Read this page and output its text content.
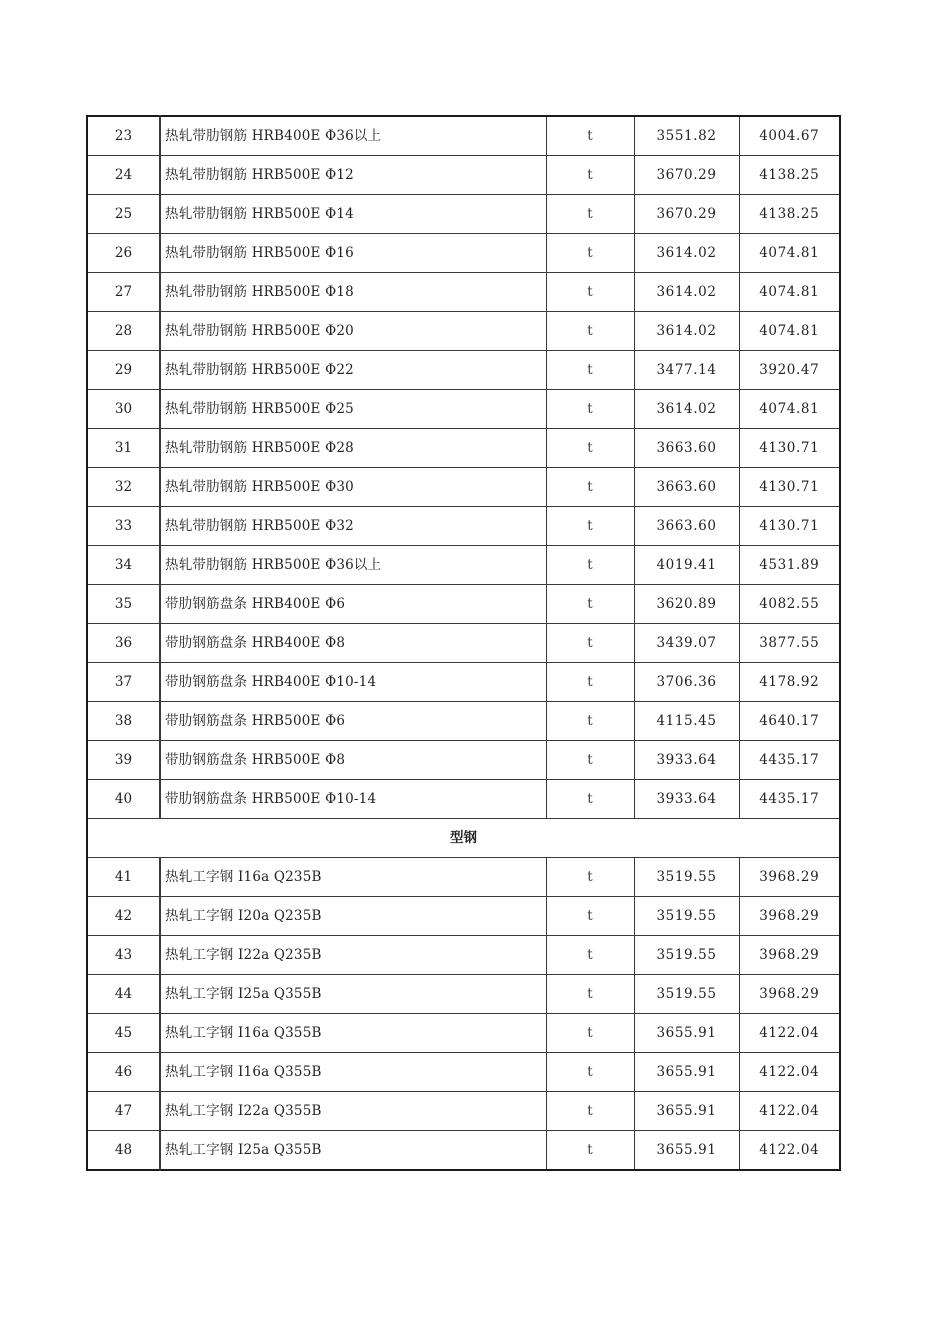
23	热轧带肋钢筋 HRB400E Φ36以上	t	3551.82	4004.67
24	热轧带肋钢筋 HRB500E Φ12	t	3670.29	4138.25
25	热轧带肋钢筋 HRB500E Φ14	t	3670.29	4138.25
26	热轧带肋钢筋 HRB500E Φ16	t	3614.02	4074.81
27	热轧带肋钢筋 HRB500E Φ18	t	3614.02	4074.81
28	热轧带肋钢筋 HRB500E Φ20	t	3614.02	4074.81
29	热轧带肋钢筋 HRB500E Φ22	t	3477.14	3920.47
30	热轧带肋钢筋 HRB500E Φ25	t	3614.02	4074.81
31	热轧带肋钢筋 HRB500E Φ28	t	3663.60	4130.71
32	热轧带肋钢筋 HRB500E Φ30	t	3663.60	4130.71
33	热轧带肋钢筋 HRB500E Φ32	t	3663.60	4130.71
34	热轧带肋钢筋 HRB500E Φ36以上	t	4019.41	4531.89
35	带肋钢筋盘条 HRB400E Φ6	t	3620.89	4082.55
36	带肋钢筋盘条 HRB400E Φ8	t	3439.07	3877.55
37	带肋钢筋盘条 HRB400E Φ10-14	t	3706.36	4178.92
38	带肋钢筋盘条 HRB500E Φ6	t	4115.45	4640.17
39	带肋钢筋盘条 HRB500E Φ8	t	3933.64	4435.17
40	带肋钢筋盘条 HRB500E Φ10-14	t	3933.64	4435.17
型钢				
41	热轧工字钢 I16a Q235B	t	3519.55	3968.29
42	热轧工字钢 I20a Q235B	t	3519.55	3968.29
43	热轧工字钢 I22a Q235B	t	3519.55	3968.29
44	热轧工字钢 I25a Q355B	t	3519.55	3968.29
45	热轧工字钢 I16a Q355B	t	3655.91	4122.04
46	热轧工字钢 I16a Q355B	t	3655.91	4122.04
47	热轧工字钢 I22a Q355B	t	3655.91	4122.04
48	热轧工字钢 I25a Q355B	t	3655.91	4122.04
